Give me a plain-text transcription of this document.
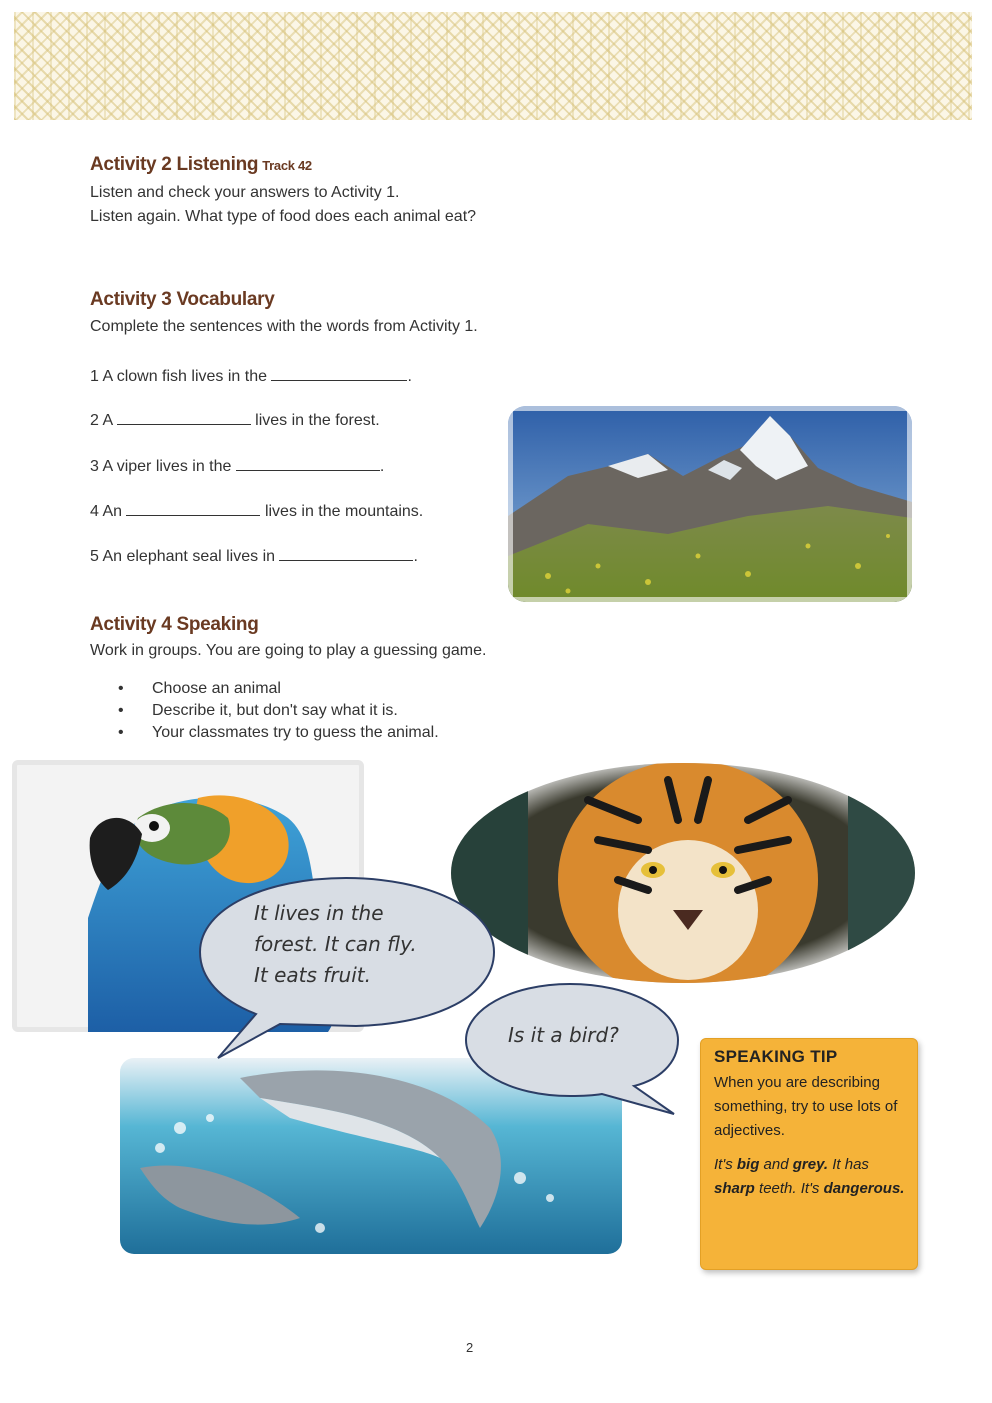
Activity 2 Listening Track 42

Listen and check your answers to Activity 1.

Listen again. What type of food does each animal eat?

Activity 3 Vocabulary

Complete the sentences with the words from Activity 1.

1 A clown fish lives in the	.
2 A	lives in the forest.
3 A viper lives in the	.
4 An	lives in the mountains.
5 An elephant seal lives in	.
Activity 4 Speaking

Work in groups. You are going to play a guessing game.

• Choose an animal
• Describe it, but don't say what it is.
• Your classmates try to guess the animal.
It lives in the
forest. It can fly.
It eats fruit.
Is it a bird?

SPEAKING TIP

When you are describing something, try to use lots of adjectives.

It's big and grey. It has sharp teeth. It's dangerous.

2
